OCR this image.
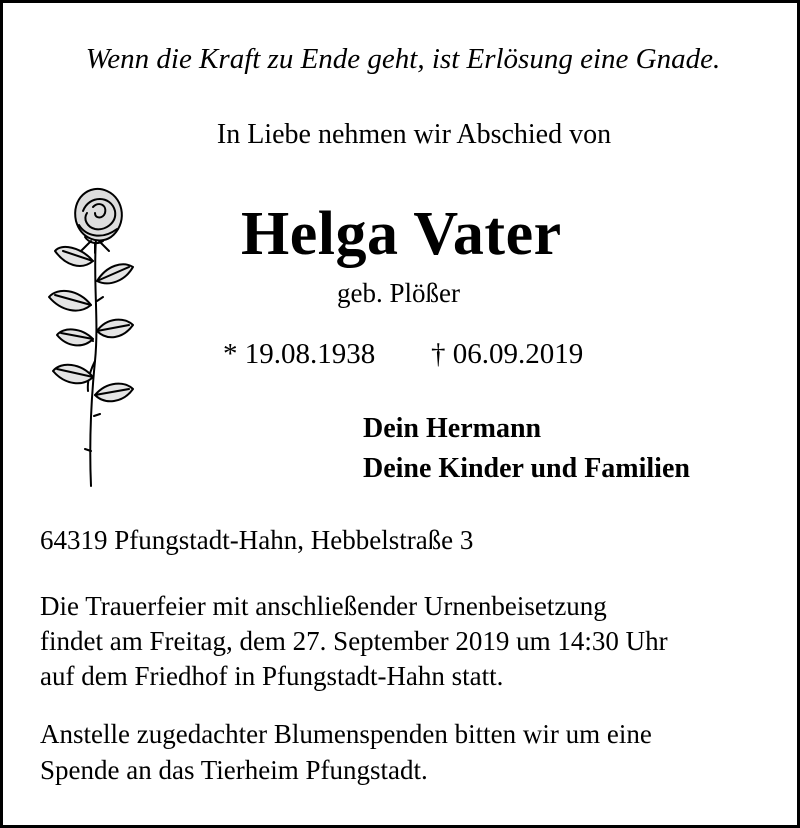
Wenn die Kraft zu Ende geht, ist Erlösung eine Gnade.
In Liebe nehmen wir Abschied von
Helga Vater
geb. Plößer
* 19.08.1938 † 06.09.2019
Dein Hermann
Deine Kinder und Familien
64319 Pfungstadt-Hahn, Hebbelstraße 3
Die Trauerfeier mit anschließender Urnenbeisetzung
findet am Freitag, dem 27. September 2019 um 14:30 Uhr
auf dem Friedhof in Pfungstadt-Hahn statt.
Anstelle zugedachter Blumenspenden bitten wir um eine
Spende an das Tierheim Pfungstadt.
